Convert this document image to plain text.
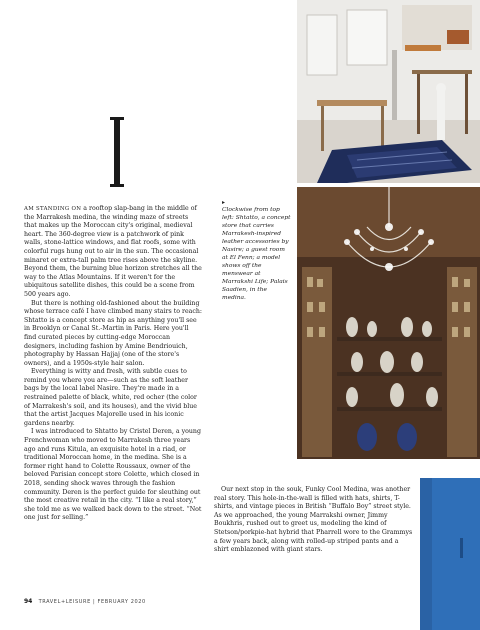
AM STANDING ON a rooftop slap-bang in the middle of the Marrakesh medina, the winding maze of streets that makes up the Moroccan city's original, medieval heart. The 360-degree view is a patchwork of pink walls, stone-lattice windows, and flat roofs, some with colorful rugs hung out to air in the sun. The occasional minaret or extra-tall palm tree rises above the skyline. Beyond them, the burning blue horizon stretches all the way to the Atlas Mountains. If it weren't for the ubiquitous satellite dishes, this could be a scene from 500 years ago.

But there is nothing old-fashioned about the building whose terrace café I have climbed many stairs to reach: Shtatto is a concept store as hip as anything you'll see in Brooklyn or Canal St.-Martin in Paris. Here you'll find curated pieces by cutting-edge Moroccan designers, including fashion by Amine Bendriouich, photography by Hassan Hajjaj (one of the store's owners), and a 1950s-style hair salon.

Everything is witty and fresh, with subtle cues to remind you where you are—such as the soft leather bags by the local label Nasire. They're made in a restrained palette of black, white, red ocher (the color of Marrakesh's soil, and its houses), and the vivid blue that the artist Jacques Majorelle used in his iconic gardens nearby.

I was introduced to Shtatto by Cristel Deren, a young Frenchwoman who moved to Marrakesh three years ago and runs Kitula, an exquisite hotel in a riad, or traditional Moroccan home, in the medina. She is a former right hand to Colette Roussaux, owner of the beloved Parisian concept store Colette, which closed in 2018, sending shock waves through the fashion community. Deren is the perfect guide for sleuthing out the most creative retail in the city. “I like a real story,” she told me as we walked back down to the street. “Not one just for selling.”

▸
Clockwise from top left: Shtatto, a concept store that carries Marrakesh-inspired leather accessories by Nasire; a guest room at El Fenn; a model shows off the menswear at Marrakshi Life; Palais Saadien, in the medina.
Our next stop in the souk, Funky Cool Medina, was another real story. This hole-in-the-wall is filled with hats, shirts, T-shirts, and vintage pieces in British “Buffalo Boy” street style. As we approached, the young Marrakshi owner, Jimmy Boukhris, rushed out to greet us, modeling the kind of Stetson/porkpie-hat hybrid that Pharrell wore to the Grammys a few years back, along with rolled-up striped pants and a shirt emblazoned with giant stars.
94 TRAVEL+LEISURE | FEBRUARY 2020
